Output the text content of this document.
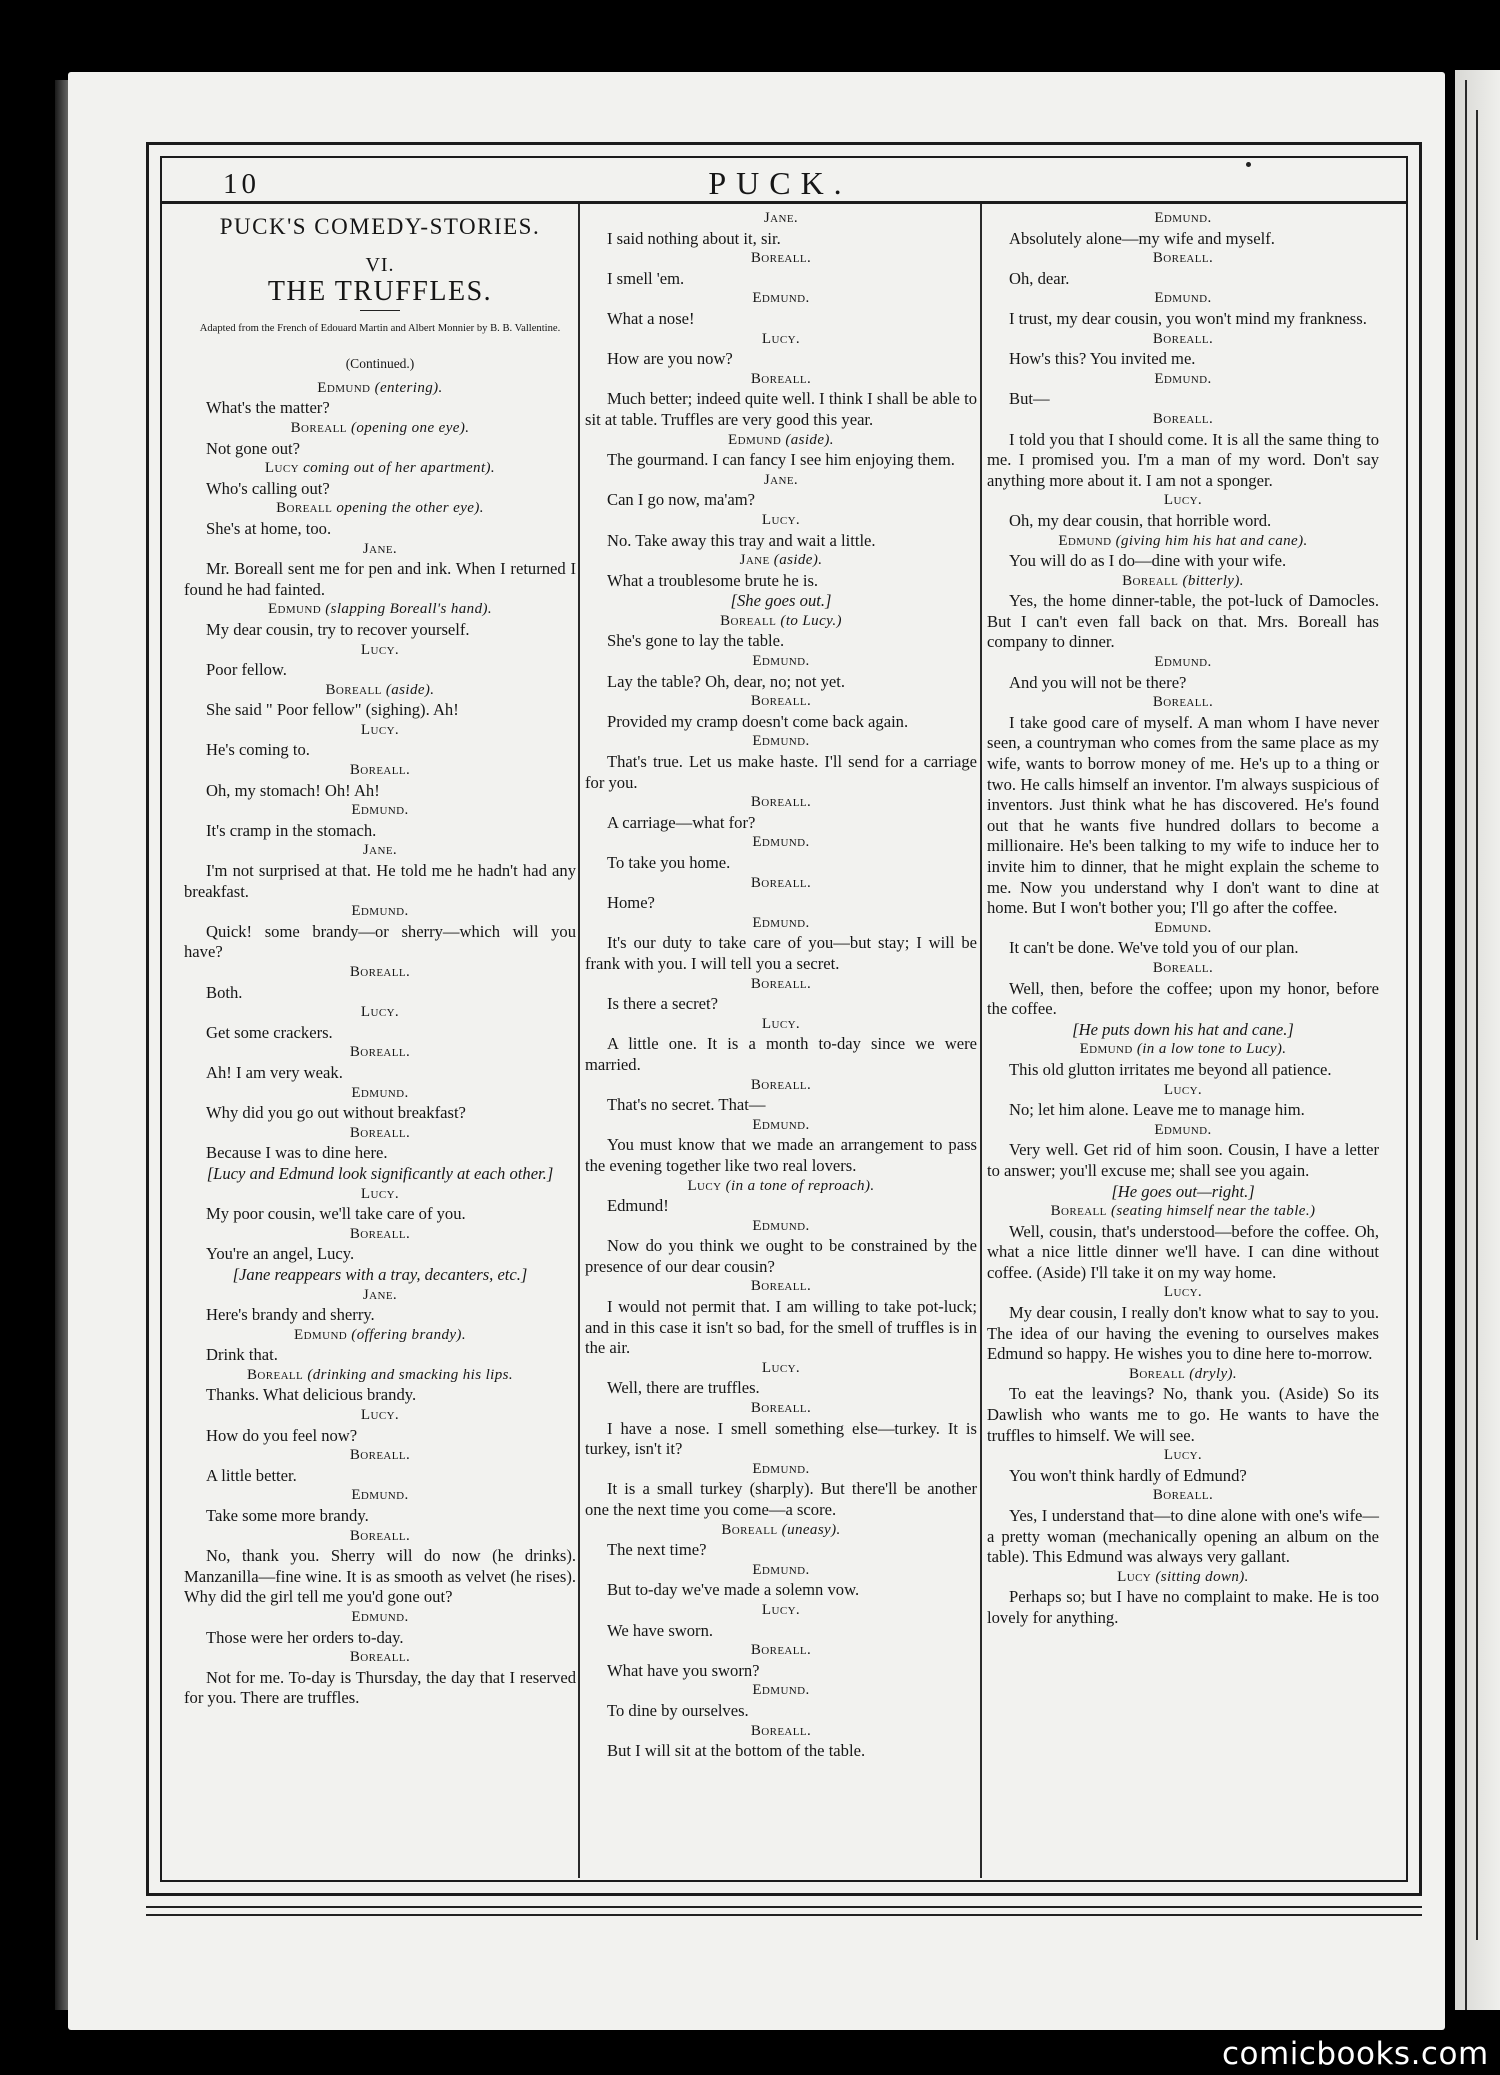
10	PUCK.

PUCK'S COMEDY-STORIES.

VI.

THE TRUFFLES.

Adapted from the French of Edouard Martin and Albert Monnier by B. B. Vallentine.

(Continued.)

Edmund (entering).

What's the matter?

Boreall (opening one eye).

Not gone out?

Lucy coming out of her apartment).

Who's calling out?

Boreall opening the other eye).

She's at home, too.

Jane.

Mr. Boreall sent me for pen and ink. When I returned I found he had fainted.

Edmund (slapping Boreall's hand).

My dear cousin, try to recover yourself.

Lucy.

Poor fellow.

Boreall (aside).

She said " Poor fellow" (sighing). Ah!

Lucy.

He's coming to.

Boreall.

Oh, my stomach! Oh! Ah!

Edmund.

It's cramp in the stomach.

Jane.

I'm not surprised at that. He told me he hadn't had any breakfast.

Edmund.

Quick! some brandy—or sherry—which will you have?

Boreall.

Both.

Lucy.

Get some crackers.

Boreall.

Ah! I am very weak.

Edmund.

Why did you go out without breakfast?

Boreall.

Because I was to dine here.

[Lucy and Edmund look significantly at each other.]

Lucy.

My poor cousin, we'll take care of you.

Boreall.

You're an angel, Lucy.

[Jane reappears with a tray, decanters, etc.]

Jane.

Here's brandy and sherry.

Edmund (offering brandy).

Drink that.

Boreall (drinking and smacking his lips.

Thanks. What delicious brandy.

Lucy.

How do you feel now?

Boreall.

A little better.

Edmund.

Take some more brandy.

Boreall.

No, thank you. Sherry will do now (he drinks). Manzanilla—fine wine. It is as smooth as velvet (he rises). Why did the girl tell me you'd gone out?

Edmund.

Those were her orders to-day.

Boreall.

Not for me. To-day is Thursday, the day that I reserved for you. There are truffles.

Jane.

I said nothing about it, sir.

Boreall.

I smell 'em.

Edmund.

What a nose!

Lucy.

How are you now?

Boreall.

Much better; indeed quite well. I think I shall be able to sit at table. Truffles are very good this year.

Edmund (aside).

The gourmand. I can fancy I see him enjoying them.

Jane.

Can I go now, ma'am?

Lucy.

No. Take away this tray and wait a little.

Jane (aside).

What a troublesome brute he is.

[She goes out.]

Boreall (to Lucy.)

She's gone to lay the table.

Edmund.

Lay the table? Oh, dear, no; not yet.

Boreall.

Provided my cramp doesn't come back again.

Edmund.

That's true. Let us make haste. I'll send for a carriage for you.

Boreall.

A carriage—what for?

Edmund.

To take you home.

Boreall.

Home?

Edmund.

It's our duty to take care of you—but stay; I will be frank with you. I will tell you a secret.

Boreall.

Is there a secret?

Lucy.

A little one. It is a month to-day since we were married.

Boreall.

That's no secret. That—

Edmund.

You must know that we made an arrangement to pass the evening together like two real lovers.

Lucy (in a tone of reproach).

Edmund!

Edmund.

Now do you think we ought to be constrained by the presence of our dear cousin?

Boreall.

I would not permit that. I am willing to take pot-luck; and in this case it isn't so bad, for the smell of truffles is in the air.

Lucy.

Well, there are truffles.

Boreall.

I have a nose. I smell something else—turkey. It is turkey, isn't it?

Edmund.

It is a small turkey (sharply). But there'll be another one the next time you come—a score.

Boreall (uneasy).

The next time?

Edmund.

But to-day we've made a solemn vow.

Lucy.

We have sworn.

Boreall.

What have you sworn?

Edmund.

To dine by ourselves.

Boreall.

But I will sit at the bottom of the table.

Edmund.

Absolutely alone—my wife and myself.

Boreall.

Oh, dear.

Edmund.

I trust, my dear cousin, you won't mind my frankness.

Boreall.

How's this? You invited me.

Edmund.

But—

Boreall.

I told you that I should come. It is all the same thing to me. I promised you. I'm a man of my word. Don't say anything more about it. I am not a sponger.

Lucy.

Oh, my dear cousin, that horrible word.

Edmund (giving him his hat and cane).

You will do as I do—dine with your wife.

Boreall (bitterly).

Yes, the home dinner-table, the pot-luck of Damocles. But I can't even fall back on that. Mrs. Boreall has company to dinner.

Edmund.

And you will not be there?

Boreall.

I take good care of myself. A man whom I have never seen, a countryman who comes from the same place as my wife, wants to borrow money of me. He's up to a thing or two. He calls himself an inventor. I'm always suspicious of inventors. Just think what he has discovered. He's found out that he wants five hundred dollars to become a millionaire. He's been talking to my wife to induce her to invite him to dinner, that he might explain the scheme to me. Now you understand why I don't want to dine at home. But I won't bother you; I'll go after the coffee.

Edmund.

It can't be done. We've told you of our plan.

Boreall.

Well, then, before the coffee; upon my honor, before the coffee.

[He puts down his hat and cane.]

Edmund (in a low tone to Lucy).

This old glutton irritates me beyond all patience.

Lucy.

No; let him alone. Leave me to manage him.

Edmund.

Very well. Get rid of him soon. Cousin, I have a letter to answer; you'll excuse me; shall see you again.

[He goes out—right.]

Boreall (seating himself near the table.)

Well, cousin, that's understood—before the coffee. Oh, what a nice little dinner we'll have. I can dine without coffee. (Aside) I'll take it on my way home.

Lucy.

My dear cousin, I really don't know what to say to you. The idea of our having the evening to ourselves makes Edmund so happy. He wishes you to dine here to-morrow.

Boreall (dryly).

To eat the leavings? No, thank you. (Aside) So its Dawlish who wants me to go. He wants to have the truffles to himself. We will see.

Lucy.

You won't think hardly of Edmund?

Boreall.

Yes, I understand that—to dine alone with one's wife—a pretty woman (mechanically opening an album on the table). This Edmund was always very gallant.

Lucy (sitting down).

Perhaps so; but I have no complaint to make. He is too lovely for anything.

comicbooks.com
